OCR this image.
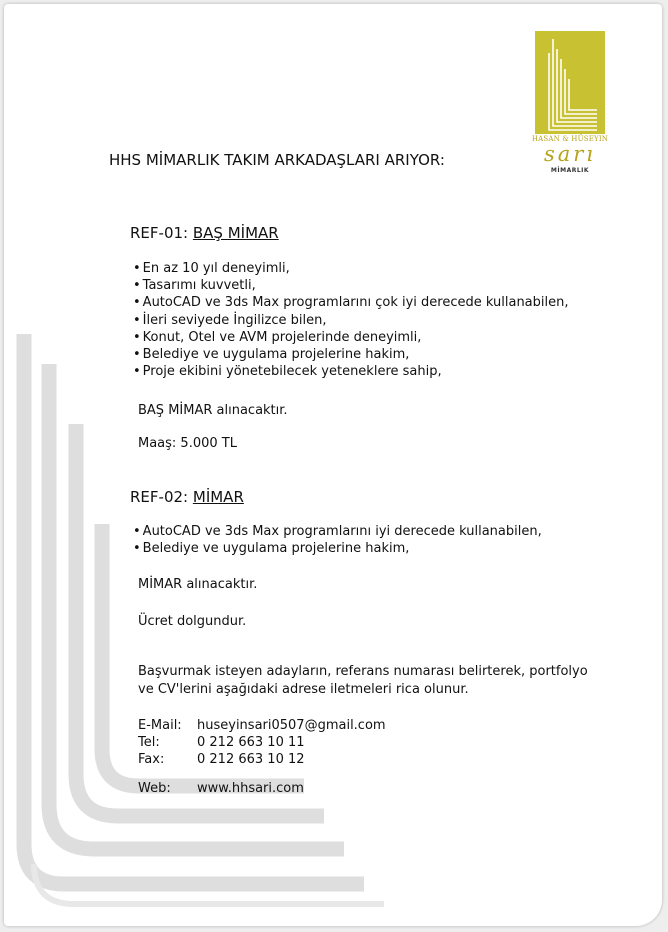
HASAN & HÜSEYIN
sarı
MİMARLIK
HHS MİMARLIK TAKIM ARKADAŞLARI ARIYOR:
REF-01: BAŞ MİMAR
• En az 10 yıl deneyimli,
• Tasarımı kuvvetli,
• AutoCAD ve 3ds Max programlarını çok iyi derecede kullanabilen,
• İleri seviyede İngilizce bilen,
• Konut, Otel ve AVM projelerinde deneyimli,
• Belediye ve uygulama projelerine hakim,
• Proje ekibini yönetebilecek yeteneklere sahip,
BAŞ MİMAR alınacaktır.
Maaş: 5.000 TL
REF-02: MİMAR
• AutoCAD ve 3ds Max programlarını iyi derecede kullanabilen,
• Belediye ve uygulama projelerine hakim,
MİMAR alınacaktır.
Ücret dolgundur.
Başvurmak isteyen adayların, referans numarası belirterek, portfolyo
ve CV'lerini aşağıdaki adrese iletmeleri rica olunur.
E-Mail:	huseyinsari0507@gmail.com
Tel:	0 212 663 10 11
Fax:	0 212 663 10 12

Web:	www.hhsari.com
